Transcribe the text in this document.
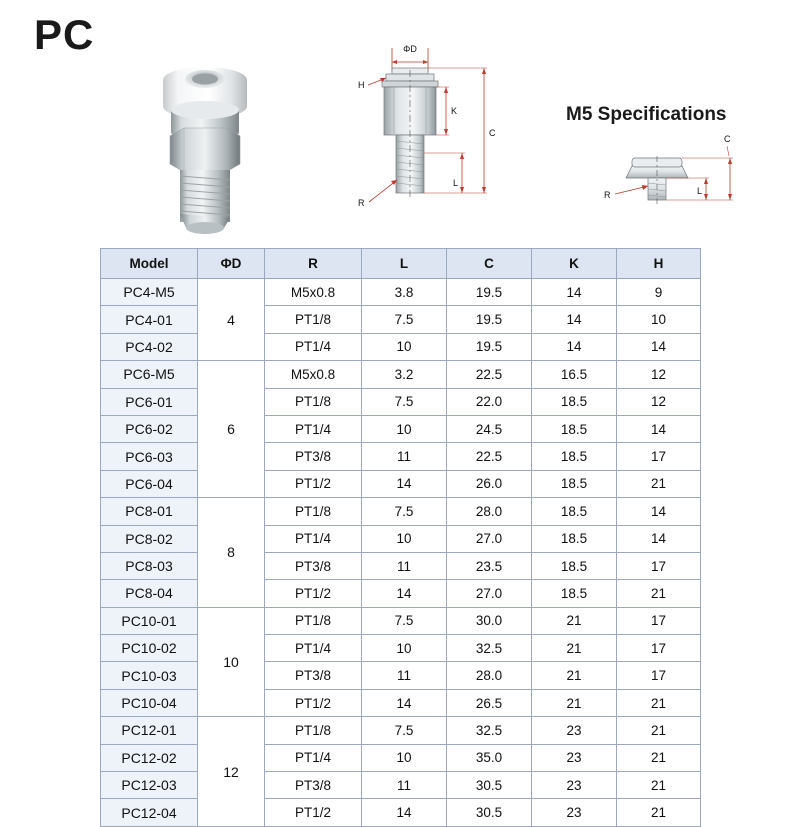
PC	ΦD
H
R
K
C
L
M5 Specifications
C
L
R
Model	ΦD	R	L	C	K	H
PC4-M5	4	M5x0.8	3.8	19.5	14	9
PC4-01		PT1/8	7.5	19.5	14	10
PC4-02		PT1/4	10	19.5	14	14
PC6-M5	6	M5x0.8	3.2	22.5	16.5	12
PC6-01		PT1/8	7.5	22.0	18.5	12
PC6-02		PT1/4	10	24.5	18.5	14
PC6-03		PT3/8	11	22.5	18.5	17
PC6-04		PT1/2	14	26.0	18.5	21
PC8-01	8	PT1/8	7.5	28.0	18.5	14
PC8-02		PT1/4	10	27.0	18.5	14
PC8-03		PT3/8	11	23.5	18.5	17
PC8-04		PT1/2	14	27.0	18.5	21
PC10-01	10	PT1/8	7.5	30.0	21	17
PC10-02		PT1/4	10	32.5	21	17
PC10-03		PT3/8	11	28.0	21	17
PC10-04		PT1/2	14	26.5	21	21
PC12-01	12	PT1/8	7.5	32.5	23	21
PC12-02		PT1/4	10	35.0	23	21
PC12-03		PT3/8	11	30.5	23	21
PC12-04		PT1/2	14	30.5	23	21
